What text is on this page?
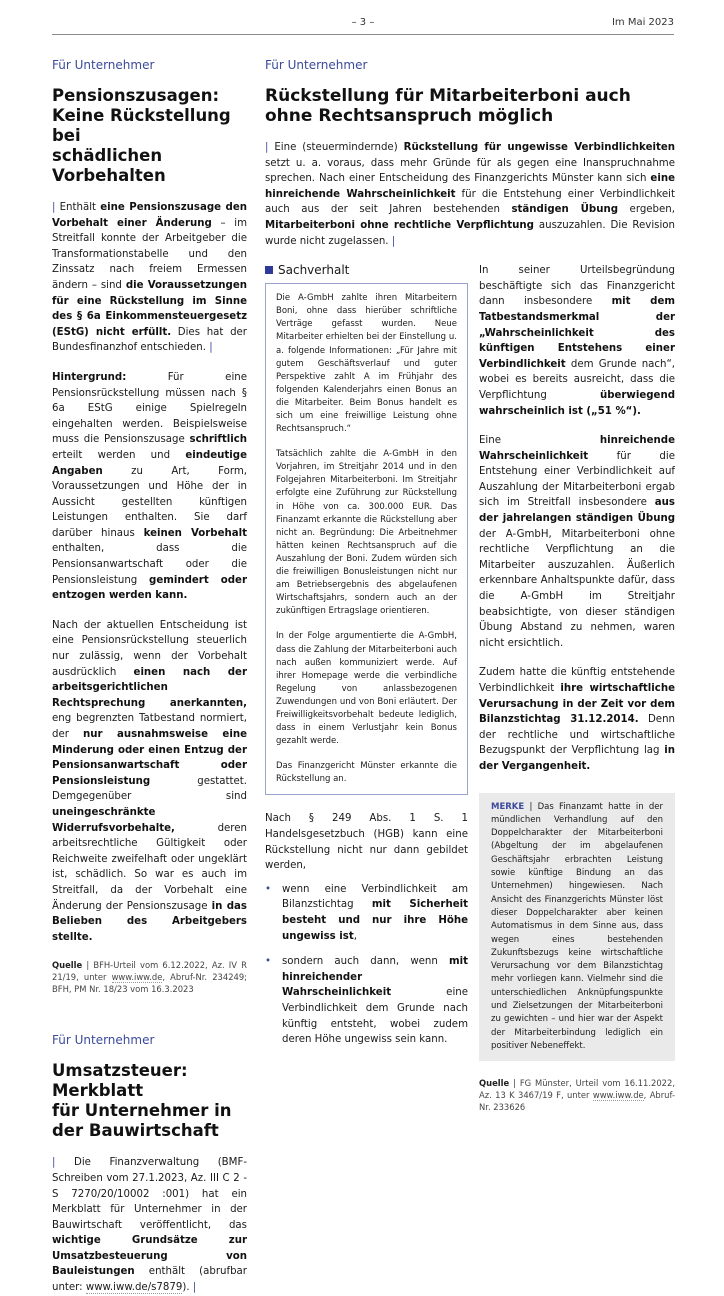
– 3 –	Im Mai 2023
Für Unternehmer
Pensionszusagen:
Keine Rückstellung bei
schädlichen Vorbehalten

| Enthält eine Pensionszusage den Vorbehalt einer Änderung – im Streitfall konnte der Arbeitgeber die Transformationstabelle und den Zinssatz nach freiem Ermessen ändern – sind die Voraussetzungen für eine Rückstellung im Sinne des § 6a Einkommensteuergesetz (EStG) nicht erfüllt. Dies hat der Bundesfinanzhof entschieden. |

Hintergrund: Für eine Pensionsrückstellung müssen nach § 6a EStG einige Spielregeln eingehalten werden. Beispielsweise muss die Pensionszusage schriftlich erteilt werden und eindeutige Angaben zu Art, Form, Voraussetzungen und Höhe der in Aussicht gestellten künftigen Leistungen enthalten. Sie darf darüber hinaus keinen Vorbehalt enthalten, dass die Pensionsanwartschaft oder die Pensionsleistung gemindert oder entzogen werden kann.

Nach der aktuellen Entscheidung ist eine Pensionsrückstellung steuerlich nur zulässig, wenn der Vorbehalt ausdrücklich einen nach der arbeitsgerichtlichen Rechtsprechung anerkannten, eng begrenzten Tatbestand normiert, der nur ausnahmsweise eine Minderung oder einen Entzug der Pensionsanwartschaft oder Pensionsleistung gestattet. Demgegenüber sind uneingeschränkte Widerrufsvorbehalte, deren arbeitsrechtliche Gültigkeit oder Reichweite zweifelhaft oder ungeklärt ist, schädlich. So war es auch im Streitfall, da der Vorbehalt eine Änderung der Pensionszusage in das Belieben des Arbeitgebers stellte.

Quelle | BFH-Urteil vom 6.12.2022, Az. IV R 21/19, unter www.iww.de, Abruf-Nr. 234249; BFH, PM Nr. 18/23 vom 16.3.2023
Für Unternehmer
Umsatzsteuer: Merkblatt
für Unternehmer in
der Bauwirtschaft

| Die Finanzverwaltung (BMF-Schreiben vom 27.1.2023, Az. III C 2 - S 7270/20/10002 :001) hat ein Merkblatt für Unternehmer in der Bauwirtschaft veröffentlicht, das wichtige Grundsätze zur Umsatzbesteuerung von Bauleistungen enthält (abrufbar unter: www.iww.de/s7879). |

Für Unternehmer
Rückstellung für Mitarbeiterboni auch
ohne Rechtsanspruch möglich

| Eine (steuermindernde) Rückstellung für ungewisse Verbindlichkeiten setzt u. a. voraus, dass mehr Gründe für als gegen eine Inanspruchnahme sprechen. Nach einer Entscheidung des Finanzgerichts Münster kann sich eine hinreichende Wahrscheinlichkeit für die Entstehung einer Verbindlichkeit auch aus der seit Jahren bestehenden ständigen Übung ergeben, Mitarbeiterboni ohne rechtliche Verpflichtung auszuzahlen. Die Revision wurde nicht zugelassen. |

Sachverhalt

Die A-GmbH zahlte ihren Mitarbeitern Boni, ohne dass hierüber schriftliche Verträge gefasst wurden. Neue Mitarbeiter erhielten bei der Einstellung u. a. folgende Informationen: „Für Jahre mit gutem Geschäftsverlauf und guter Perspektive zahlt A im Frühjahr des folgenden Kalenderjahrs einen Bonus an die Mitarbeiter. Beim Bonus handelt es sich um eine freiwillige Leistung ohne Rechtsanspruch.“

Tatsächlich zahlte die A-GmbH in den Vorjahren, im Streitjahr 2014 und in den Folgejahren Mitarbeiterboni. Im Streitjahr erfolgte eine Zuführung zur Rückstellung in Höhe von ca. 300.000 EUR. Das Finanzamt erkannte die Rückstellung aber nicht an. Begründung: Die Arbeitnehmer hätten keinen Rechtsanspruch auf die Auszahlung der Boni. Zudem würden sich die freiwilligen Bonusleistungen nicht nur am Betriebsergebnis des abgelaufenen Wirtschaftsjahrs, sondern auch an der zukünftigen Ertragslage orientieren.

In der Folge argumentierte die A-GmbH, dass die Zahlung der Mitarbeiterboni auch nach außen kommuniziert werde. Auf ihrer Homepage werde die verbindliche Regelung von anlassbezogenen Zuwendungen und von Boni erläutert. Der Freiwilligkeitsvorbehalt bedeute lediglich, dass in einem Verlustjahr kein Bonus gezahlt werde.

Das Finanzgericht Münster erkannte die Rückstellung an.

Nach § 249 Abs. 1 S. 1 Handelsgesetzbuch (HGB) kann eine Rückstellung nicht nur dann gebildet werden,

• wenn eine Verbindlichkeit am Bilanzstichtag mit Sicherheit besteht und nur ihre Höhe ungewiss ist,
• sondern auch dann, wenn mit hinreichender Wahrscheinlichkeit eine Verbindlichkeit dem Grunde nach künftig entsteht, wobei zudem deren Höhe ungewiss sein kann.

In seiner Urteilsbegründung beschäftigte sich das Finanzgericht dann insbesondere mit dem Tatbestandsmerkmal der „Wahrscheinlichkeit des künftigen Entstehens einer Verbindlichkeit dem Grunde nach“, wobei es bereits ausreicht, dass die Verpflichtung überwiegend wahrscheinlich ist („51 %“).

Eine hinreichende Wahrscheinlichkeit für die Entstehung einer Verbindlichkeit auf Auszahlung der Mitarbeiterboni ergab sich im Streitfall insbesondere aus der jahrelangen ständigen Übung der A-GmbH, Mitarbeiterboni ohne rechtliche Verpflichtung an die Mitarbeiter auszuzahlen. Äußerlich erkennbare Anhaltspunkte dafür, dass die A-GmbH im Streitjahr beabsichtigte, von dieser ständigen Übung Abstand zu nehmen, waren nicht ersichtlich.

Zudem hatte die künftig entstehende Verbindlichkeit ihre wirtschaftliche Verursachung in der Zeit vor dem Bilanzstichtag 31.12.2014. Denn der rechtliche und wirtschaftliche Bezugspunkt der Verpflichtung lag in der Vergangenheit.

MERKE | Das Finanzamt hatte in der mündlichen Verhandlung auf den Doppelcharakter der Mitarbeiterboni (Abgeltung der im abgelaufenen Geschäftsjahr erbrachten Leistung sowie künftige Bindung an das Unternehmen) hingewiesen. Nach Ansicht des Finanzgerichts Münster löst dieser Doppelcharakter aber keinen Automatismus in dem Sinne aus, dass wegen eines bestehenden Zukunftsbezugs keine wirtschaftliche Verursachung vor dem Bilanzstichtag mehr vorliegen kann. Vielmehr sind die unterschiedlichen Anknüpfungspunkte und Zielsetzungen der Mitarbeiterboni zu gewichten – und hier war der Aspekt der Mitarbeiterbindung lediglich ein positiver Nebeneffekt.

Quelle | FG Münster, Urteil vom 16.11.2022, Az. 13 K 3467/19 F, unter www.iww.de, Abruf-Nr. 233626
